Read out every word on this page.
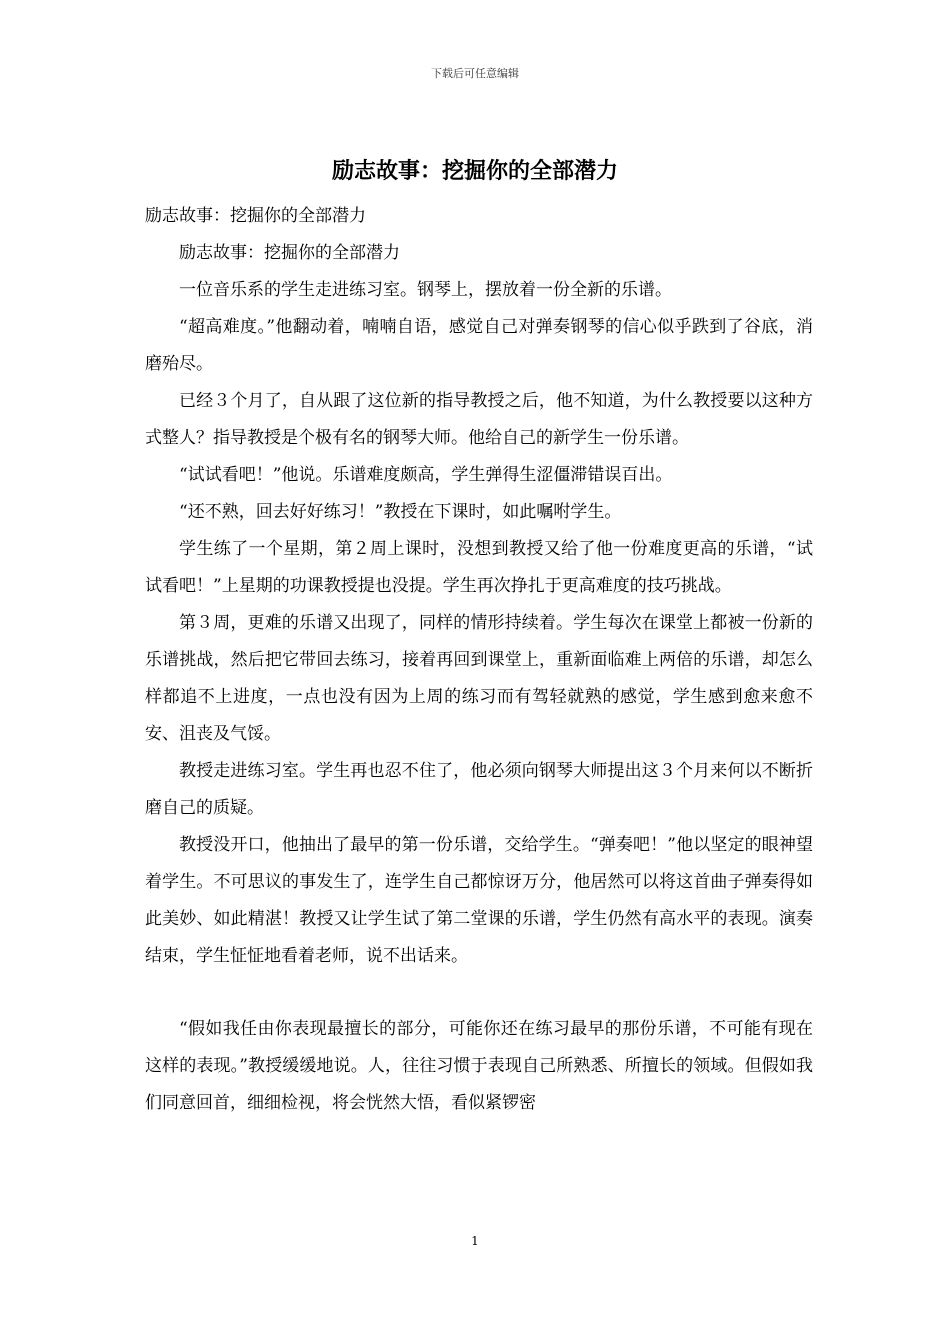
下载后可任意编辑
励志故事：挖掘你的全部潜力

励志故事：挖掘你的全部潜力

励志故事：挖掘你的全部潜力

一位音乐系的学生走进练习室。钢琴上，摆放着一份全新的乐谱。

“超高难度。”他翻动着，喃喃自语，感觉自己对弹奏钢琴的信心似乎跌到了谷底，消磨殆尽。

已经３个月了，自从跟了这位新的指导教授之后，他不知道，为什么教授要以这种方式整人？指导教授是个极有名的钢琴大师。他给自己的新学生一份乐谱。

“试试看吧！”他说。乐谱难度颇高，学生弹得生涩僵滞错误百出。

“还不熟，回去好好练习！”教授在下课时，如此嘱咐学生。

学生练了一个星期，第２周上课时，没想到教授又给了他一份难度更高的乐谱，“试试看吧！”上星期的功课教授提也没提。学生再次挣扎于更高难度的技巧挑战。

第３周，更难的乐谱又出现了，同样的情形持续着。学生每次在课堂上都被一份新的乐谱挑战，然后把它带回去练习，接着再回到课堂上，重新面临难上两倍的乐谱，却怎么样都追不上进度，一点也没有因为上周的练习而有驾轻就熟的感觉，学生感到愈来愈不安、沮丧及气馁。

教授走进练习室。学生再也忍不住了，他必须向钢琴大师提出这３个月来何以不断折磨自己的质疑。

教授没开口，他抽出了最早的第一份乐谱，交给学生。“弹奏吧！”他以坚定的眼神望着学生。不可思议的事发生了，连学生自己都惊讶万分，他居然可以将这首曲子弹奏得如此美妙、如此精湛！教授又让学生试了第二堂课的乐谱，学生仍然有高水平的表现。演奏结束，学生怔怔地看着老师，说不出话来。

“假如我任由你表现最擅长的部分，可能你还在练习最早的那份乐谱，不可能有现在这样的表现。”教授缓缓地说。人，往往习惯于表现自己所熟悉、所擅长的领域。但假如我们同意回首，细细检视，将会恍然大悟，看似紧锣密

1
